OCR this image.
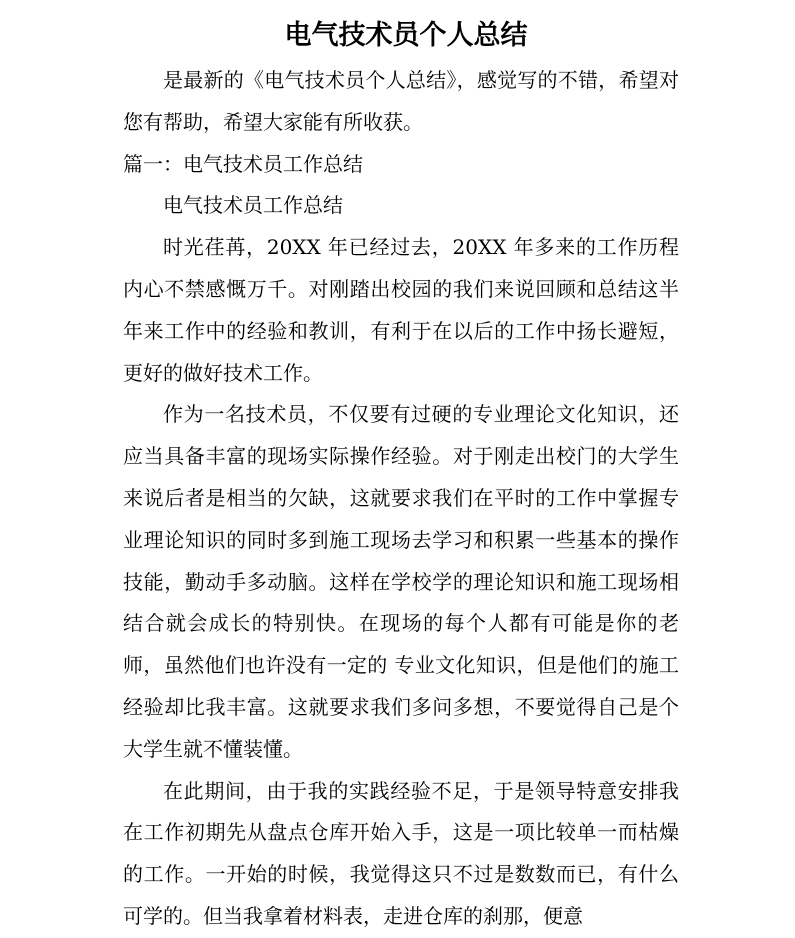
电气技术员个人总结

是最新的《电气技术员个人总结》，感觉写的不错，希望对您有帮助，希望大家能有所收获。

篇一：电气技术员工作总结

电气技术员工作总结

时光荏苒，20XX 年已经过去，20XX 年多来的工作历程内心不禁感慨万千。对刚踏出校园的我们来说回顾和总结这半年来工作中的经验和教训，有利于在以后的工作中扬长避短，更好的做好技术工作。

作为一名技术员，不仅要有过硬的专业理论文化知识，还应当具备丰富的现场实际操作经验。对于刚走出校门的大学生来说后者是相当的欠缺，这就要求我们在平时的工作中掌握专业理论知识的同时多到施工现场去学习和积累一些基本的操作技能，勤动手多动脑。这样在学校学的理论知识和施工现场相结合就会成长的特别快。在现场的每个人都有可能是你的老师，虽然他们也许没有一定的 专业文化知识，但是他们的施工经验却比我丰富。这就要求我们多问多想，不要觉得自己是个大学生就不懂装懂。

在此期间，由于我的实践经验不足，于是领导特意安排我在工作初期先从盘点仓库开始入手，这是一项比较单一而枯燥的工作。一开始的时候，我觉得这只不过是数数而已，有什么可学的。但当我拿着材料表，走进仓库的刹那，便意
